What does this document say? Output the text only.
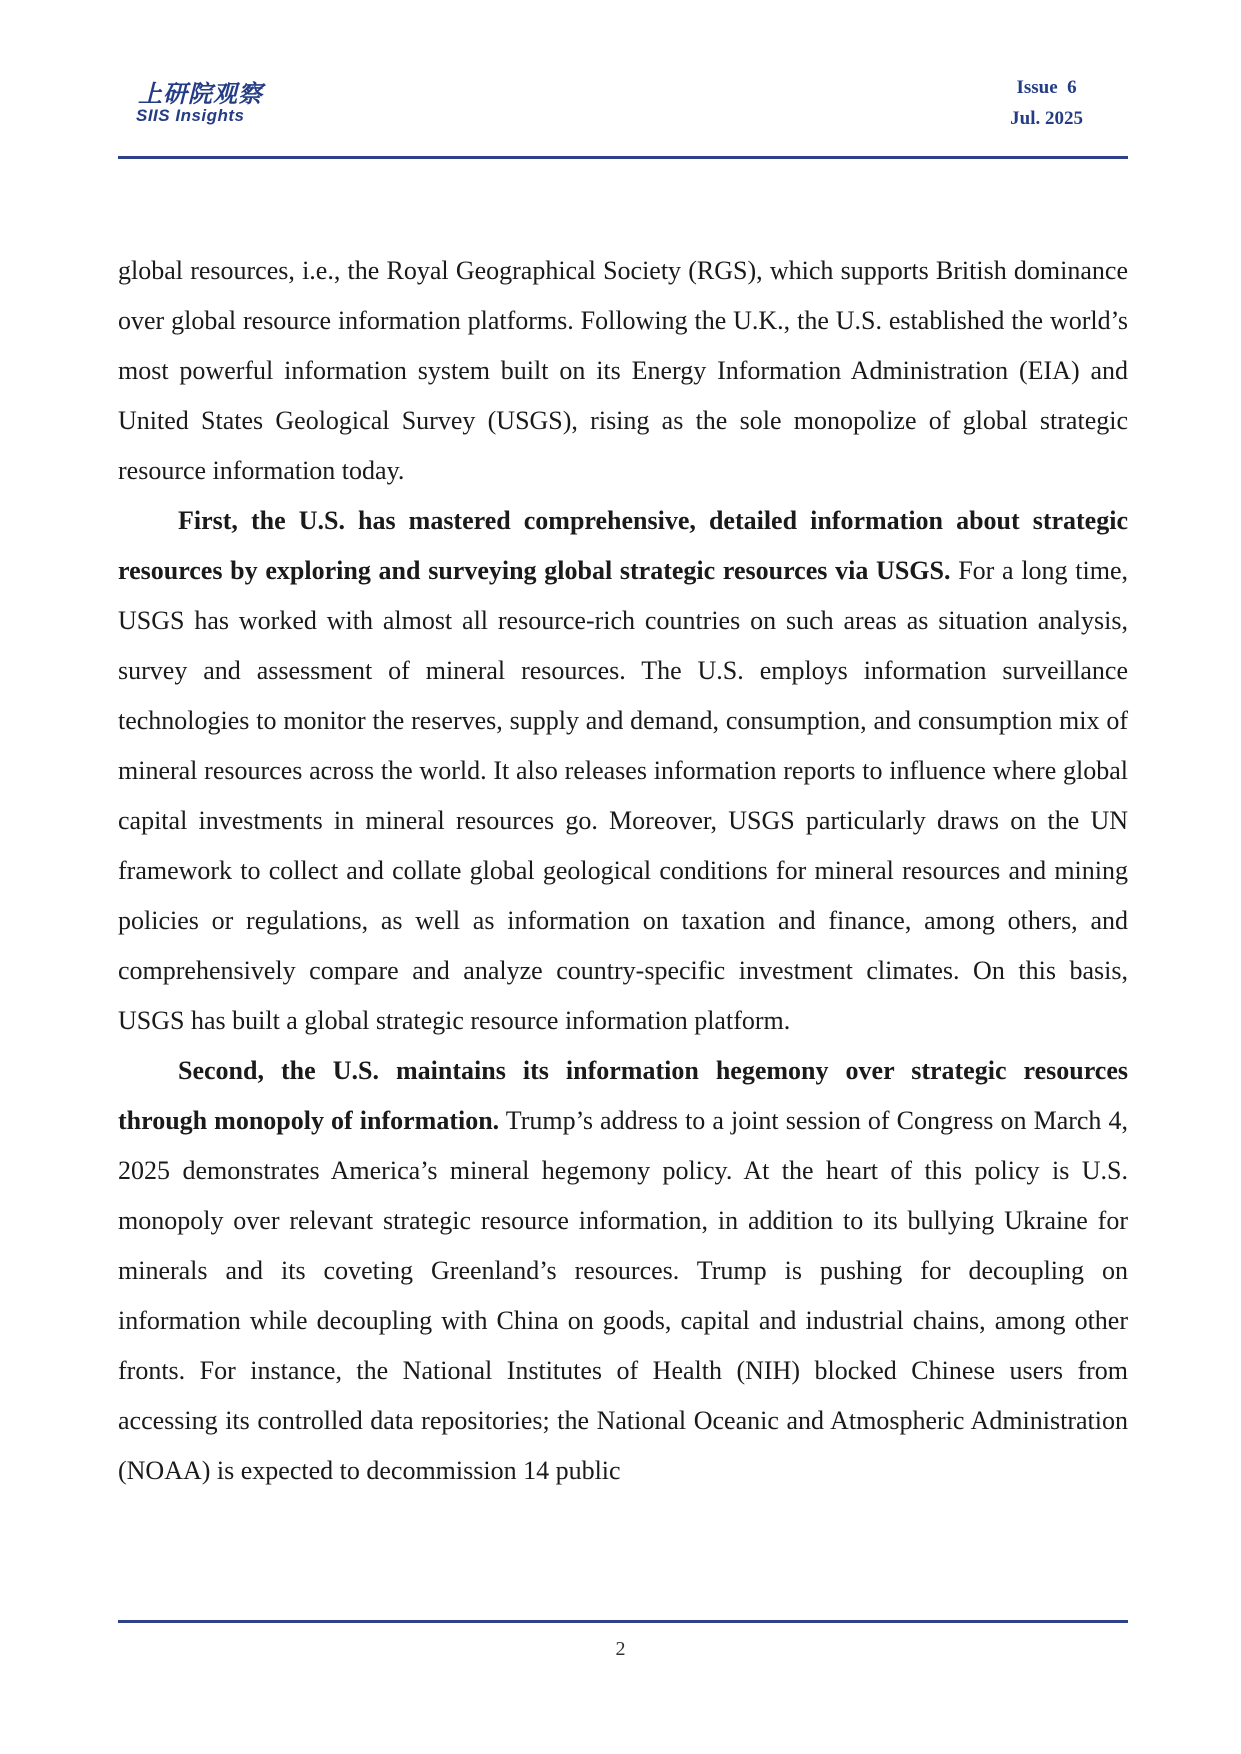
上研院观察
SIIS Insights
Issue  6
Jul. 2025

global resources, i.e., the Royal Geographical Society (RGS), which supports British dominance over global resource information platforms. Following the U.K., the U.S. established the world’s most powerful information system built on its Energy Information Administration (EIA) and United States Geological Survey (USGS), rising as the sole monopolize of global strategic resource information today.

First, the U.S. has mastered comprehensive, detailed information about strategic resources by exploring and surveying global strategic resources via USGS. For a long time, USGS has worked with almost all resource-rich countries on such areas as situation analysis, survey and assessment of mineral resources. The U.S. employs information surveillance technologies to monitor the reserves, supply and demand, consumption, and consumption mix of mineral resources across the world. It also releases information reports to influence where global capital investments in mineral resources go. Moreover, USGS particularly draws on the UN framework to collect and collate global geological conditions for mineral resources and mining policies or regulations, as well as information on taxation and finance, among others, and comprehensively compare and analyze country-specific investment climates. On this basis, USGS has built a global strategic resource information platform.

Second, the U.S. maintains its information hegemony over strategic resources through monopoly of information. Trump’s address to a joint session of Congress on March 4, 2025 demonstrates America’s mineral hegemony policy. At the heart of this policy is U.S. monopoly over relevant strategic resource information, in addition to its bullying Ukraine for minerals and its coveting Greenland’s resources. Trump is pushing for decoupling on information while decoupling with China on goods, capital and industrial chains, among other fronts. For instance, the National Institutes of Health (NIH) blocked Chinese users from accessing its controlled data repositories; the National Oceanic and Atmospheric Administration (NOAA) is expected to decommission 14 public

2
